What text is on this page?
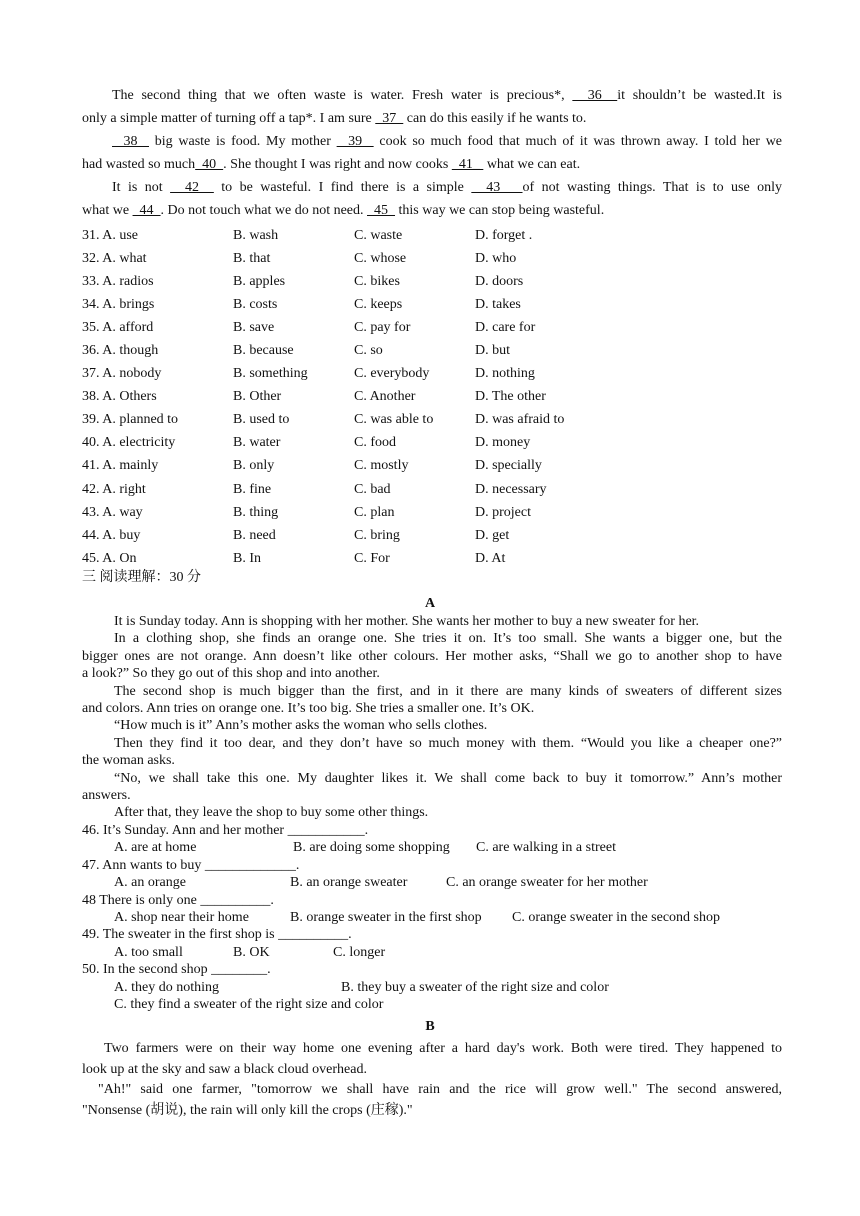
The second thing that we often waste is water. Fresh water is precious*,   36  it shouldn’t be wasted.It is
only a simple matter of turning off a tap*. I am sure   37   can do this easily if he wants to.
38   big waste is food. My mother   39   cook so much food that much of it was thrown away. I told her we
had wasted so much  40  . She thought I was right and now cooks   41_  what we can eat.
It is not   42   to be wasteful. I find there is a simple   43   of not wasting things. That is to use only
what we   44  . Do not touch what we do not need.   45   this way we can stop being wasteful.
31. A. use	B. wash	C. waste	D. forget .
32. A. what	B. that	C. whose	D. who
33. A. radios	B. apples	C. bikes	D. doors
34. A. brings	B. costs	C. keeps	D. takes
35. A. afford	B. save	C. pay for	D. care for
36. A. though	B. because	C. so	D. but
37. A. nobody	B. something	C. everybody	D. nothing
38. A. Others	B. Other	C. Another	D. The other
39. A. planned to	B. used to	C. was able to	D. was afraid to
40. A. electricity	B. water	C. food	D. money
41. A. mainly	B. only	C. mostly	D. specially
42. A. right	B. fine	C. bad	D. necessary
43. A. way	B. thing	C. plan	D. project
44. A. buy	B. need	C. bring	D. get
45. A. On	B. In	C. For	D. At
三 阅读理解：30 分
A
It is Sunday today. Ann is shopping with her mother. She wants her mother to buy a new sweater for her.
In a clothing shop, she finds an orange one. She tries it on. It’s too small. She wants a bigger one, but the
bigger ones are not orange. Ann doesn’t like other colours. Her mother asks, “Shall we go to another shop to have
a look?” So they go out of this shop and into another.
The second shop is much bigger than the first, and in it there are many kinds of sweaters of different sizes
and colors. Ann tries on orange one. It’s too big. She tries a smaller one. It’s OK.
“How much is it” Ann’s mother asks the woman who sells clothes.
Then they find it too dear, and they don’t have so much money with them. “Would you like a cheaper one?”
the woman asks.
“No, we shall take this one. My daughter likes it. We shall come back to buy it tomorrow.” Ann’s mother
answers.
After that, they leave the shop to buy some other things.
46. It’s Sunday. Ann and her mother ___________.
A. are at home	B. are doing some shopping C. are walking in a street
47. Ann wants to buy _____________.
A. an orange	B. an orange sweater	C. an orange sweater for her mother
48 There is only one __________.
A. shop near their home	B. orange sweater in the first shop C. orange sweater in the second shop
49. The sweater in the first shop is __________.
A. too small	B. OK	C. longer
50. In the second shop ________.
A. they do nothing	B. they buy a sweater of the right size and color
C. they find a sweater of the right size and color
B
Two farmers were on their way home one evening after a hard day's work. Both were tired. They happened to
look up at the sky and saw a black cloud overhead.
"Ah!" said one farmer, "tomorrow we shall have rain and the rice will grow well." The second answered,
"Nonsense (胡说), the rain will only kill the crops (庄稼)."
